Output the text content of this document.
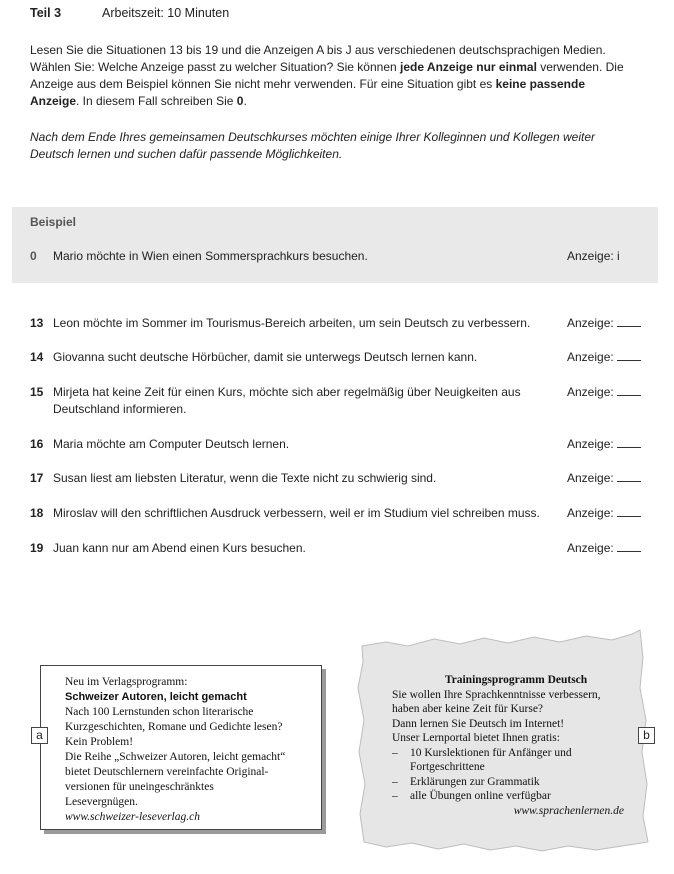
Teil 3	Arbeitszeit: 10 Minuten

Lesen Sie die Situationen 13 bis 19 und die Anzeigen A bis J aus verschiedenen deutschsprachigen Medien. Wählen Sie: Welche Anzeige passt zu welcher Situation? Sie können jede Anzeige nur einmal verwenden. Die Anzeige aus dem Beispiel können Sie nicht mehr verwenden. Für eine Situation gibt es keine passende Anzeige. In diesem Fall schreiben Sie 0.

Nach dem Ende Ihres gemeinsamen Deutschkurses möchten einige Ihrer Kolleginnen und Kollegen weiter Deutsch lernen und suchen dafür passende Möglichkeiten.

Beispiel
0	Mario möchte in Wien einen Sommersprachkurs besuchen.	Anzeige: i
13 Leon möchte im Sommer im Tourismus-Bereich arbeiten, um sein Deutsch zu verbessern.	Anzeige:
14 Giovanna sucht deutsche Hörbücher, damit sie unterwegs Deutsch lernen kann.	Anzeige:
15 Mirjeta hat keine Zeit für einen Kurs, möchte sich aber regelmäßig über Neuigkeiten aus Deutschland informieren.
Anzeige:
16 Maria möchte am Computer Deutsch lernen.	Anzeige:
17 Susan liest am liebsten Literatur, wenn die Texte nicht zu schwierig sind.	Anzeige:
18 Miroslav will den schriftlichen Ausdruck verbessern, weil er im Studium viel schreiben muss.	Anzeige:
19 Juan kann nur am Abend einen Kurs besuchen.	Anzeige:
Neu im Verlagsprogramm:
Schweizer Autoren, leicht gemacht
Nach 100 Lernstunden schon literarische
Kurzgeschichten, Romane und Gedichte lesen?
Kein Problem!
Die Reihe „Schweizer Autoren, leicht gemacht“
bietet Deutschlernern vereinfachte Original-
versionen für uneingeschränktes
Lesevergnügen.
www.schweizer-leseverlag.ch
a
Trainingsprogramm Deutsch
Sie wollen Ihre Sprachkenntnisse verbessern,
haben aber keine Zeit für Kurse?
Dann lernen Sie Deutsch im Internet!
Unser Lernportal bietet Ihnen gratis:
– 10 Kurslektionen für Anfänger und Fortgeschrittene
– Erklärungen zur Grammatik
– alle Übungen online verfügbar
www.sprachenlernen.de
b
